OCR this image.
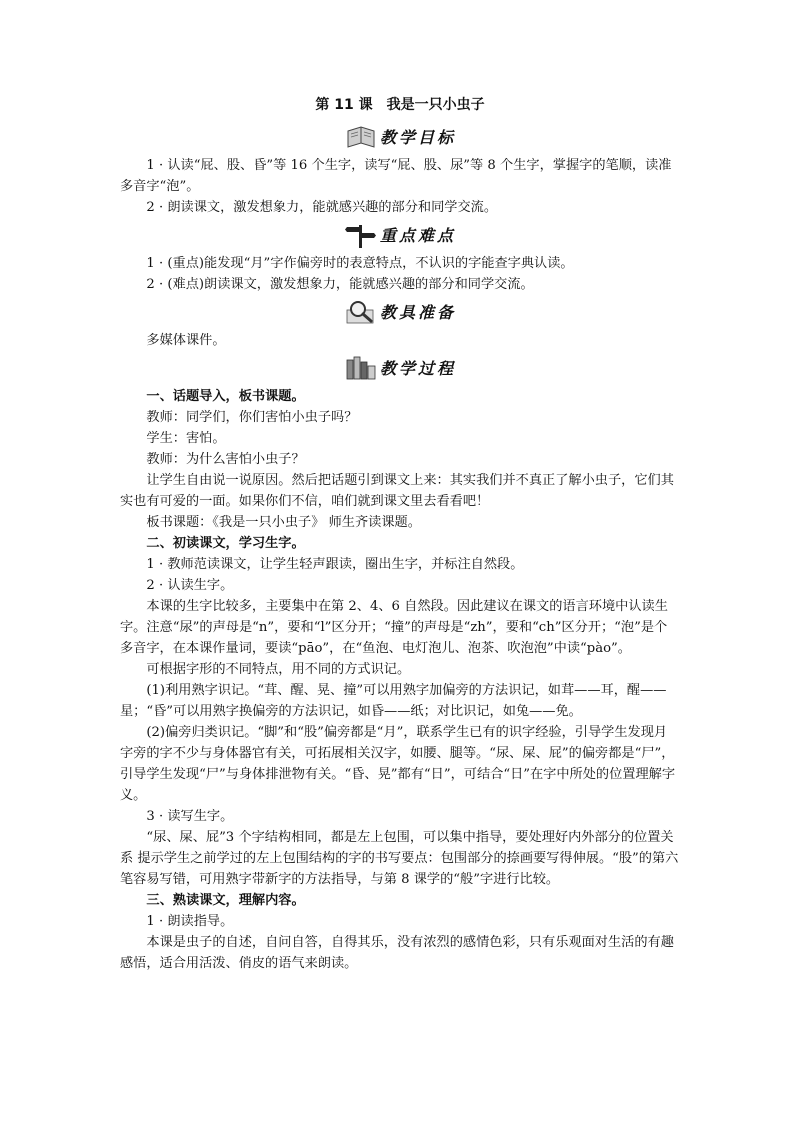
第 11 课　我是一只小虫子
教学目标

1 · 认读“屁、股、昏”等 16 个生字，读写“屁、股、尿”等 8 个生字，掌握字的笔顺，读准多音字“泡”。

2 · 朗读课文，激发想象力，能就感兴趣的部分和同学交流。

重点难点

1 · (重点)能发现“月”字作偏旁时的表意特点，不认识的字能查字典认读。

2 · (难点)朗读课文，激发想象力，能就感兴趣的部分和同学交流。

教具准备

多媒体课件。

教学过程

一、话题导入，板书课题。

教师：同学们，你们害怕小虫子吗？

学生：害怕。

教师：为什么害怕小虫子？

让学生自由说一说原因。然后把话题引到课文上来：其实我们并不真正了解小虫子，它们其实也有可爱的一面。如果你们不信，咱们就到课文里去看看吧！

板书课题：《我是一只小虫子》 师生齐读课题。

二、初读课文，学习生字。

1 · 教师范读课文，让学生轻声跟读，圈出生字，并标注自然段。

2 · 认读生字。

本课的生字比较多，主要集中在第 2、4、6 自然段。因此建议在课文的语言环境中认读生字。注意“尿”的声母是“n”，要和“l”区分开；“撞”的声母是“zh”，要和“ch”区分开；“泡”是个多音字，在本课作量词，要读“pāo”，在“鱼泡、电灯泡儿、泡茶、吹泡泡”中读“pào”。

可根据字形的不同特点，用不同的方式识记。

(1)利用熟字识记。“茸、醒、晃、撞”可以用熟字加偏旁的方法识记，如茸——耳，醒——星；“昏”可以用熟字换偏旁的方法识记，如昏——纸；对比识记，如兔——免。

(2)偏旁归类识记。“脚”和“股”偏旁都是“月”，联系学生已有的识字经验，引导学生发现月字旁的字不少与身体器官有关，可拓展相关汉字，如腰、腿等。“尿、屎、屁”的偏旁都是“尸”，引导学生发现“尸”与身体排泄物有关。“昏、晃”都有“日”，可结合“日”在字中所处的位置理解字义。

3 · 读写生字。

“尿、屎、屁”3 个字结构相同，都是左上包围，可以集中指导，要处理好内外部分的位置关系 提示学生之前学过的左上包围结构的字的书写要点：包围部分的捺画要写得伸展。“股”的第六笔容易写错，可用熟字带新字的方法指导，与第 8 课学的“般”字进行比较。

三、熟读课文，理解内容。

1 · 朗读指导。

本课是虫子的自述，自问自答，自得其乐，没有浓烈的感情色彩，只有乐观面对生活的有趣感悟，适合用活泼、俏皮的语气来朗读。
